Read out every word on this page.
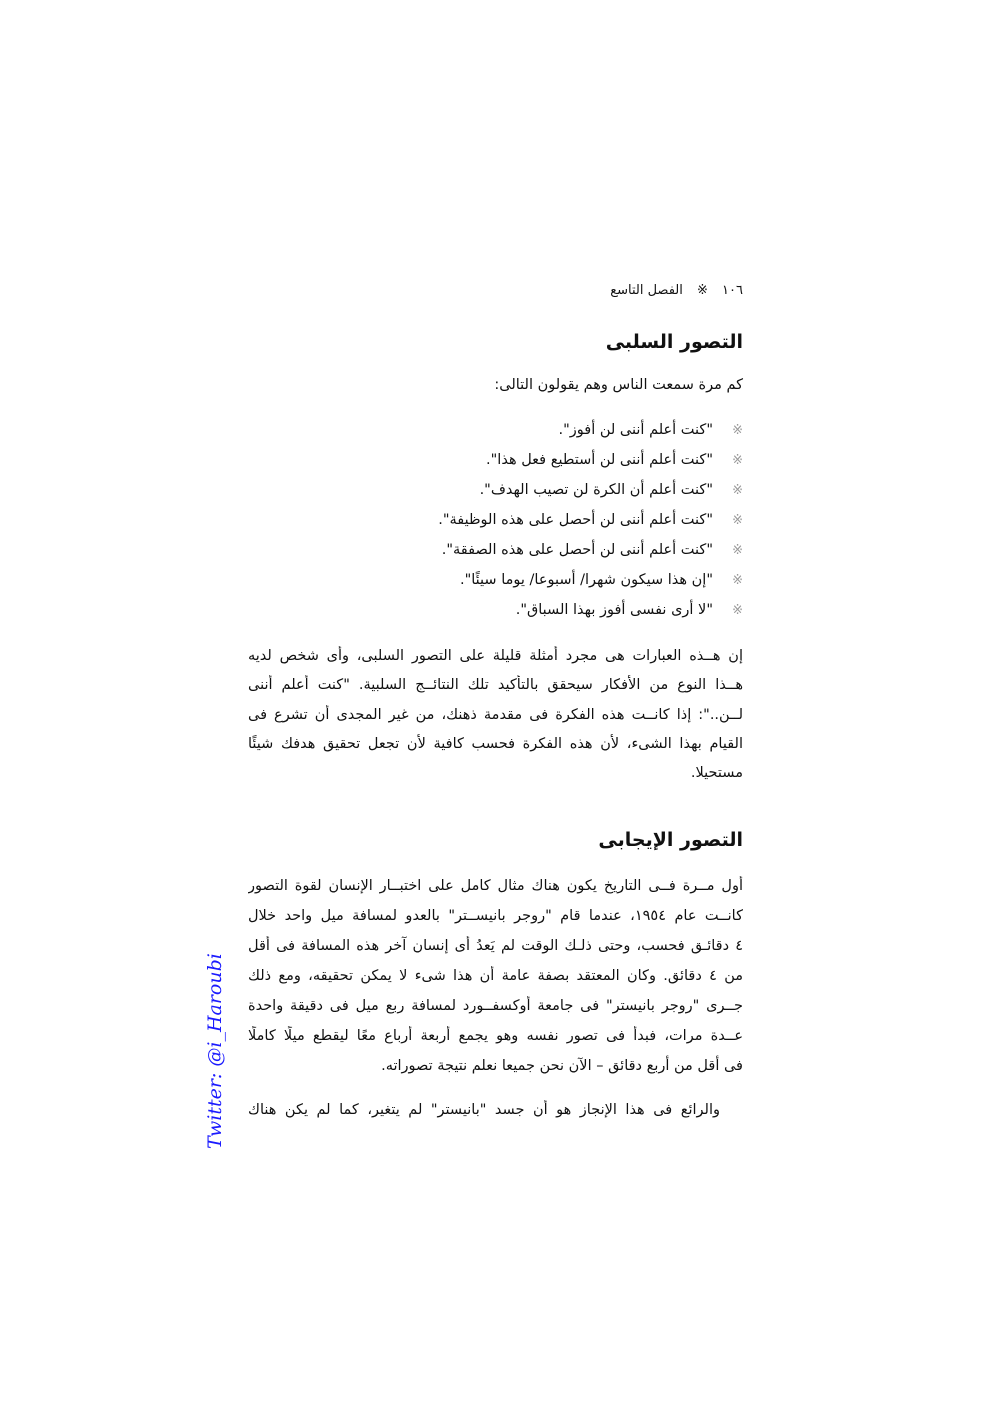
١٠٦ ※ الفصل التاسع
التصور السلبى
كم مرة سمعت الناس وهم يقولون التالى:
※"كنت أعلم أننى لن أفوز".
※"كنت أعلم أننى لن أستطيع فعل هذا".
※"كنت أعلم أن الكرة لن تصيب الهدف".
※"كنت أعلم أننى لن أحصل على هذه الوظيفة".
※"كنت أعلم أننى لن أحصل على هذه الصفقة".
※"إن هذا سيكون شهرا/ أسبوعا/ يوما سيئًا".
※"لا أرى نفسى أفوز بهذا السباق".
إن هــذه العبارات هى مجرد أمثلة قليلة على التصور السلبى، وأى شخص لديه
هــذا النوع من الأفكار سيحقق بالتأكيد تلك النتائــج السلبية. "كنت أعلم أننى
لــن..": إذا كانــت هذه الفكرة فى مقدمة ذهنك، من غير المجدى أن تشرع فى
القيام بهذا الشىء، لأن هذه الفكرة فحسب كافية لأن تجعل تحقيق هدفك شيئًا
مستحيلا.
التصور الإيجابى
أول مــرة فــى التاريخ يكون هناك مثال كامل على اختبــار الإنسان لقوة التصور
كانــت عام ١٩٥٤، عندما قام "روجر بانيســتر" بالعدو لمسافة ميل واحد خلال
٤ دقائـق فحسب، وحتى ذلـك الوقت لم يَعدُ أى إنسان آخر هذه المسافة فى أقل
من ٤ دقائق. وكان المعتقد بصفة عامة أن هذا شىء لا يمكن تحقيقه، ومع ذلك
جــرى "روجر بانيستر" فى جامعة أوكسفــورد لمسافة ربع ميل فى دقيقة واحدة
عــدة مرات، فبدأ فى تصور نفسه وهو يجمع أربعة أرباع معًا ليقطع ميلًا كاملًا
فى أقل من أربع دقائق – الآن نحن جميعا نعلم نتيجة تصوراته.
والرائع فى هذا الإنجاز هو أن جسد "بانيستر" لم يتغير، كما لم يكن هناك
Twitter: @i_Haroubi
